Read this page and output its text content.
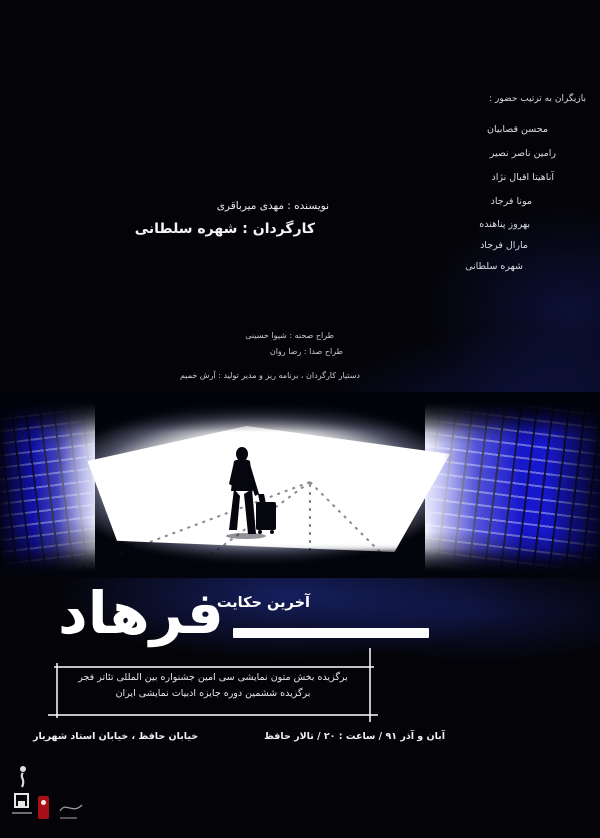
بازیگران به ترتیب حضور :
محسن قصابیان
رامین ناصر نصیر
آناهیتا اقبال نژاد
مونا فرجاد
بهروز پناهنده
مارال فرجاد
شهره سلطانی
نویسنده : مهدی میرباقری
کارگردان : شهره سلطانی
طراح صحنه : شیوا حسینی
طراح صدا : رضا روان
دستیار کارگردان ، برنامه ریز و مدیر تولید : آرش خمیم
آخرین حکایت
فرهاد
برگزیده بخش متون نمایشی سی امین جشنواره بین المللی تئاتر فجر
برگزیده ششمین دوره جایزه ادبیات نمایشی ایران
آبان و آذر ۹۱ / ساعت : ۲۰ / تالار حافظ
خیابان حافظ ، خیابان استاد شهریار
